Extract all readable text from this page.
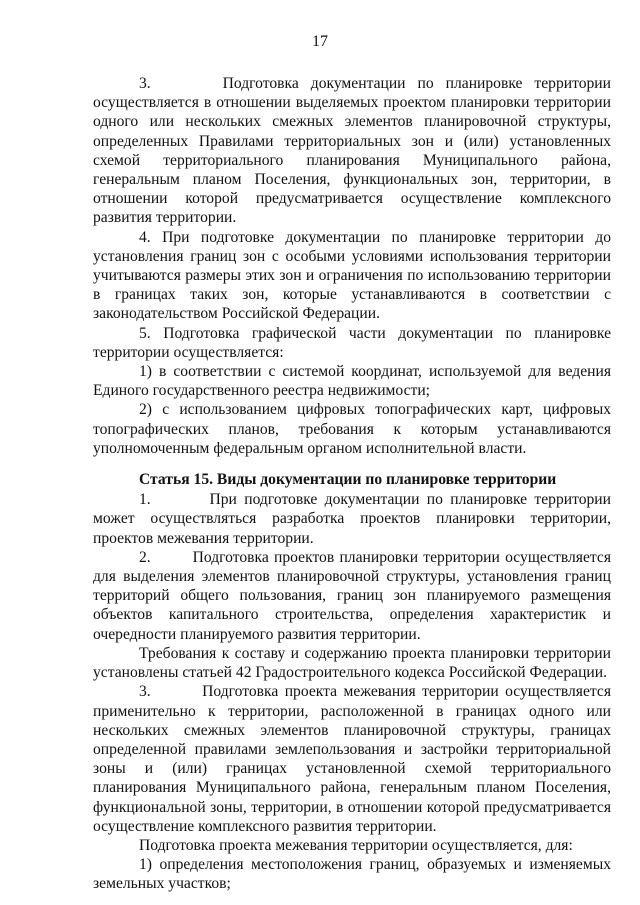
17

3.      Подготовка документации по планировке территории осуществляется в отношении выделяемых проектом планировки территории одного или нескольких смежных элементов планировочной структуры, определенных Правилами территориальных зон и (или) установленных схемой территориального планирования Муниципального района, генеральным планом Поселения, функциональных зон, территории, в отношении которой предусматривается осуществление комплексного развития территории.

4. При подготовке документации по планировке территории до установления границ зон с особыми условиями использования территории учитываются размеры этих зон и ограничения по использованию территории в границах таких зон, которые устанавливаются в соответствии с законодательством Российской Федерации.

5. Подготовка графической части документации по планировке территории осуществляется:

1) в соответствии с системой координат, используемой для ведения Единого государственного реестра недвижимости;

2) с использованием цифровых топографических карт, цифровых топографических планов, требования к которым устанавливаются уполномоченным федеральным органом исполнительной власти.

Статья 15. Виды документации по планировке территории

1.        При подготовке документации по планировке территории может осуществляться разработка проектов планировки территории, проектов межевания территории.

2.        Подготовка проектов планировки территории осуществляется для выделения элементов планировочной структуры, установления границ территорий общего пользования, границ зон планируемого размещения объектов капитального строительства, определения характеристик и очередности планируемого развития территории.

Требования к составу и содержанию проекта планировки территории установлены статьей 42 Градостроительного кодекса Российской Федерации.

3.        Подготовка проекта межевания территории осуществляется применительно к территории, расположенной в границах одного или нескольких смежных элементов планировочной структуры, границах определенной правилами землепользования и застройки территориальной зоны и (или) границах установленной схемой территориального планирования Муниципального района, генеральным планом Поселения, функциональной зоны, территории, в отношении которой предусматривается осуществление комплексного развития территории.

Подготовка проекта межевания территории осуществляется, для:

1) определения местоположения границ, образуемых и изменяемых земельных участков;
